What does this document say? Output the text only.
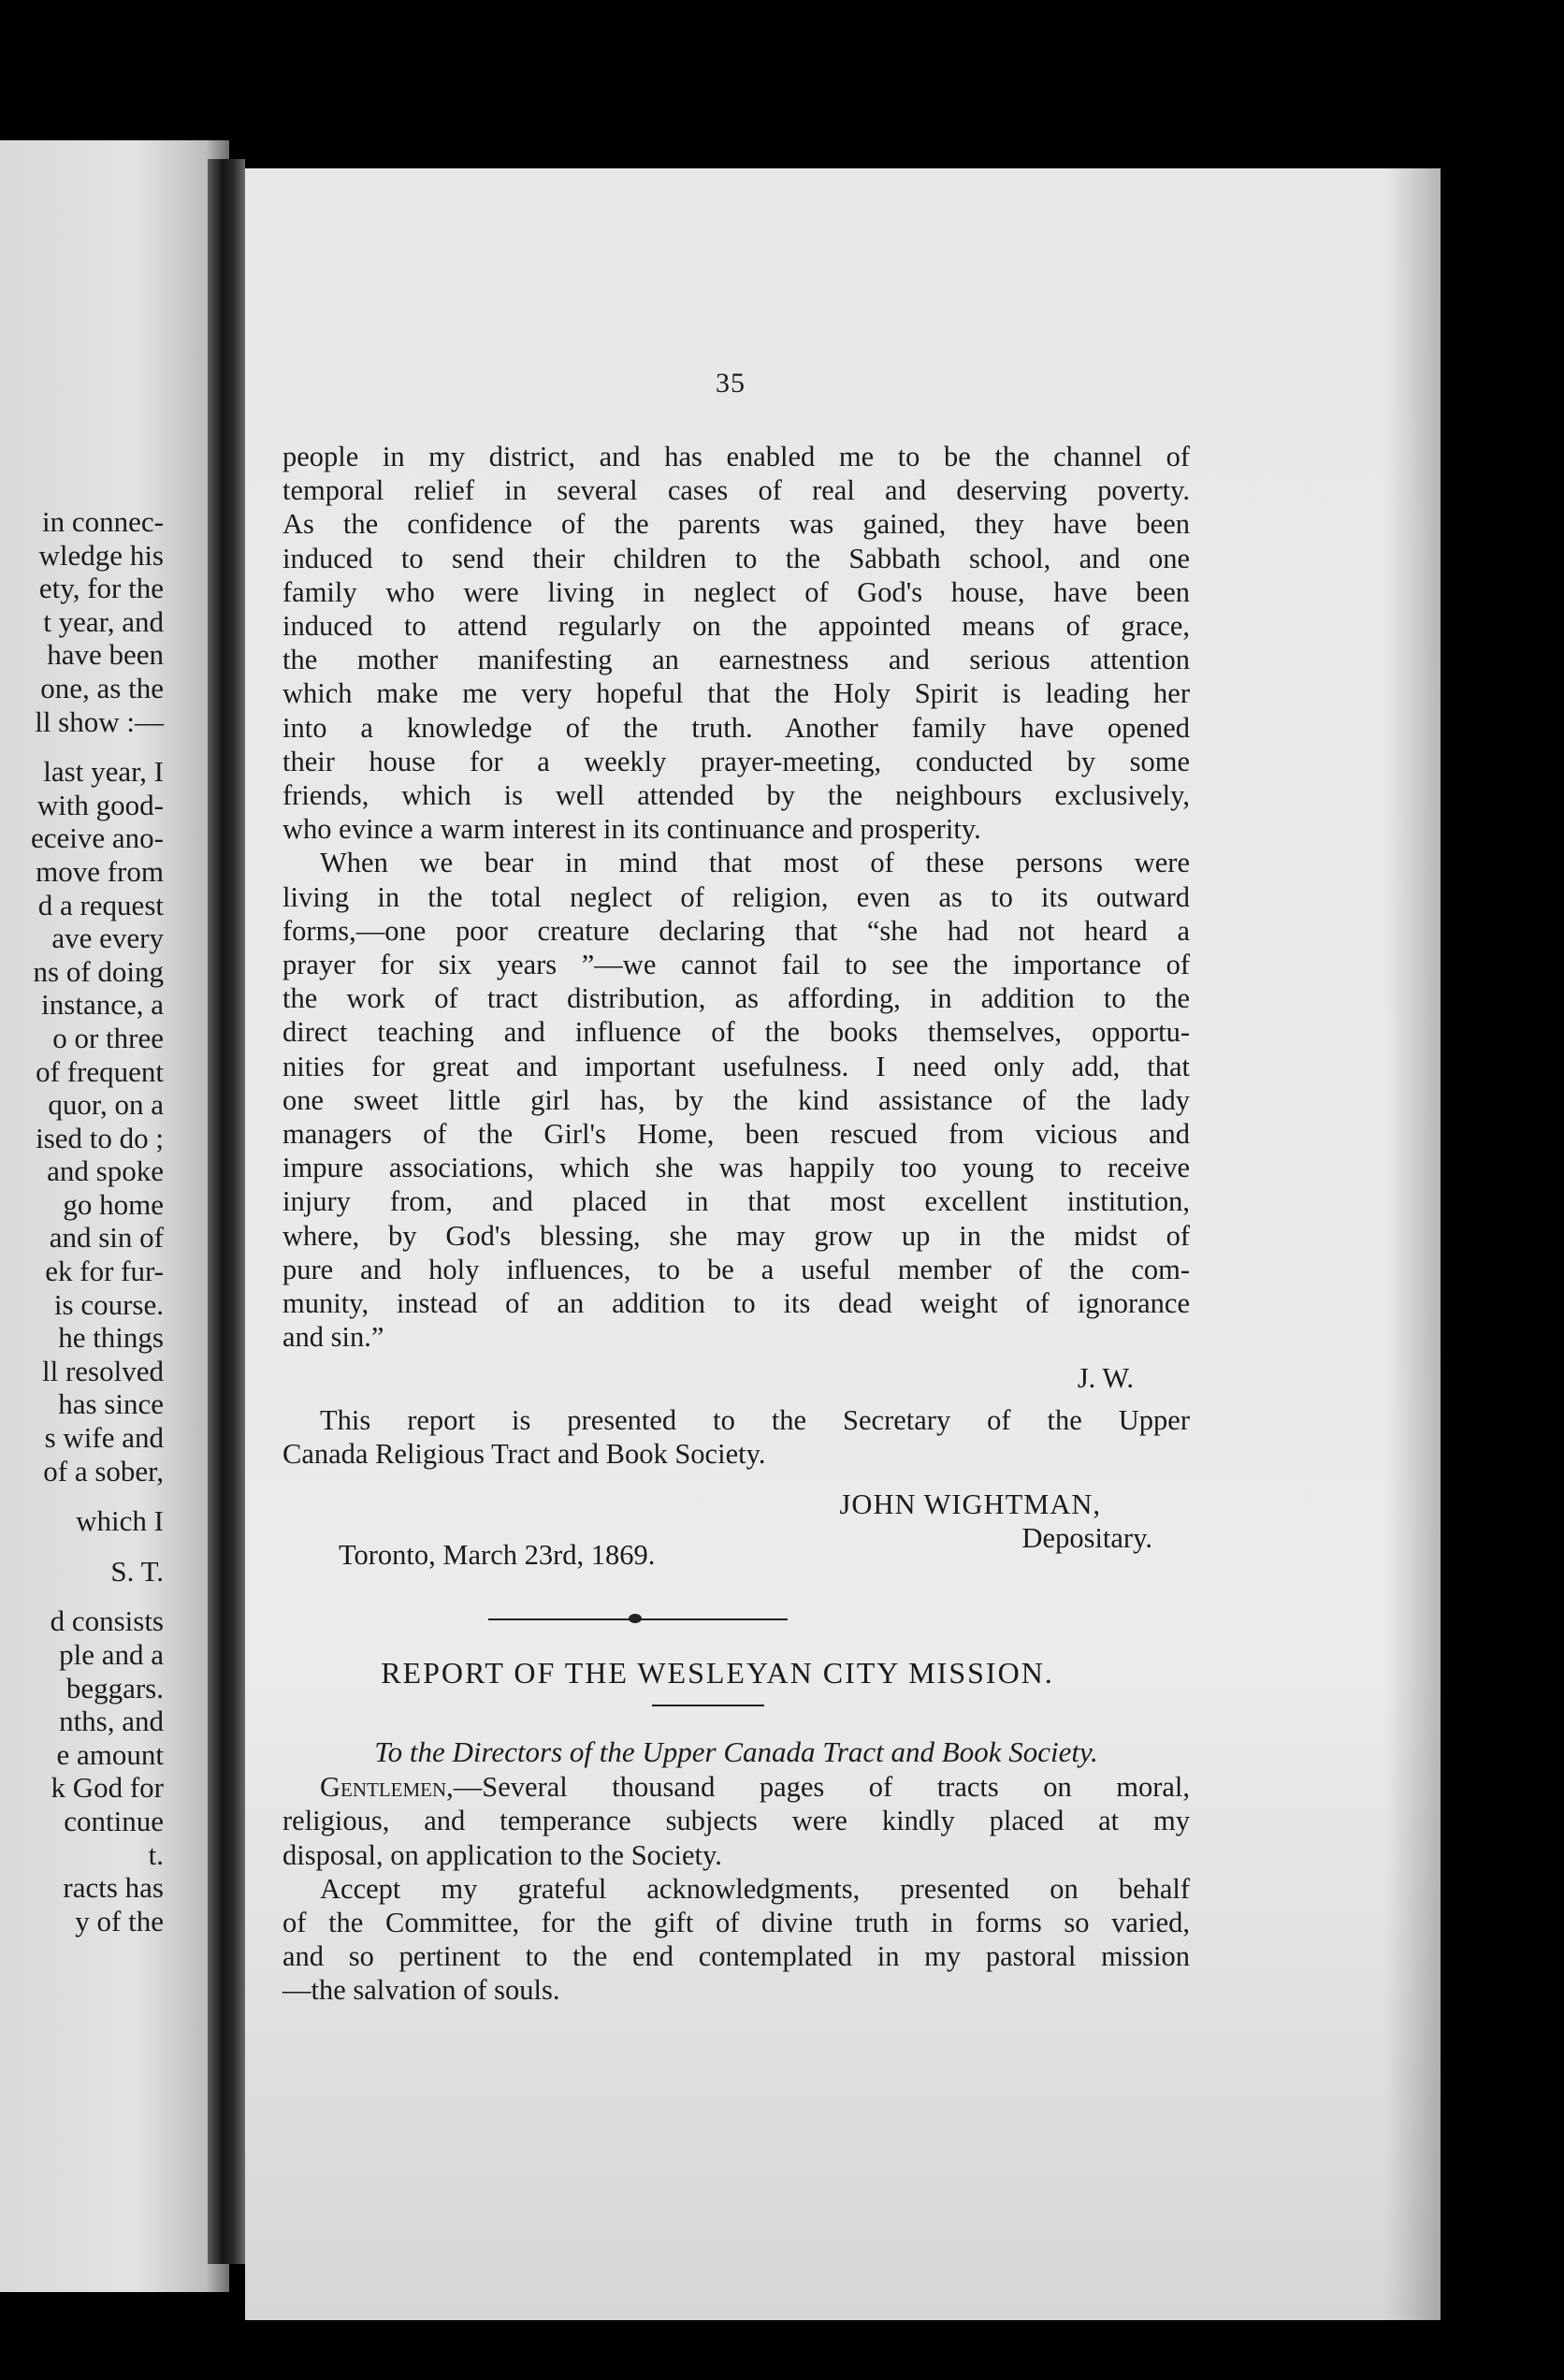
in connec-
wledge his
ety, for the
t year, and
have been
one, as the
ll show :—
last year, I
with good-
eceive ano-
move from
d a request
ave every
ns of doing
instance, a
o or three
of frequent
quor, on a
ised to do ;
and spoke
go home
and sin of
ek for fur-
is course.
he things
ll resolved
has since
s wife and
of a sober,
which I
S. T.
d consists
ple and a
beggars.
nths, and
e amount
k God for
continue
t.
racts has
y of the
35
people in my district, and has enabled me to be the channel of
temporal relief in several cases of real and deserving poverty.
As the confidence of the parents was gained, they have been
induced to send their children to the Sabbath school, and one
family who were living in neglect of God's house, have been
induced to attend regularly on the appointed means of grace,
the mother manifesting an earnestness and serious attention
which make me very hopeful that the Holy Spirit is leading her
into a knowledge of the truth. Another family have opened
their house for a weekly prayer-meeting, conducted by some
friends, which is well attended by the neighbours exclusively,
who evince a warm interest in its continuance and prosperity.
When we bear in mind that most of these persons were
living in the total neglect of religion, even as to its outward
forms,—one poor creature declaring that “she had not heard a
prayer for six years ”—we cannot fail to see the importance of
the work of tract distribution, as affording, in addition to the
direct teaching and influence of the books themselves, opportu-
nities for great and important usefulness. I need only add, that
one sweet little girl has, by the kind assistance of the lady
managers of the Girl's Home, been rescued from vicious and
impure associations, which she was happily too young to receive
injury from, and placed in that most excellent institution,
where, by God's blessing, she may grow up in the midst of
pure and holy influences, to be a useful member of the com-
munity, instead of an addition to its dead weight of ignorance
and sin.”
J. W.
This report is presented to the Secretary of the Upper
Canada Religious Tract and Book Society.
JOHN WIGHTMAN,
Depositary.
Toronto, March 23rd, 1869.
REPORT OF THE WESLEYAN CITY MISSION.
To the Directors of the Upper Canada Tract and Book Society.
Gentlemen,—Several thousand pages of tracts on moral,
religious, and temperance subjects were kindly placed at my
disposal, on application to the Society.
Accept my grateful acknowledgments, presented on behalf
of the Committee, for the gift of divine truth in forms so varied,
and so pertinent to the end contemplated in my pastoral mission
—the salvation of souls.
